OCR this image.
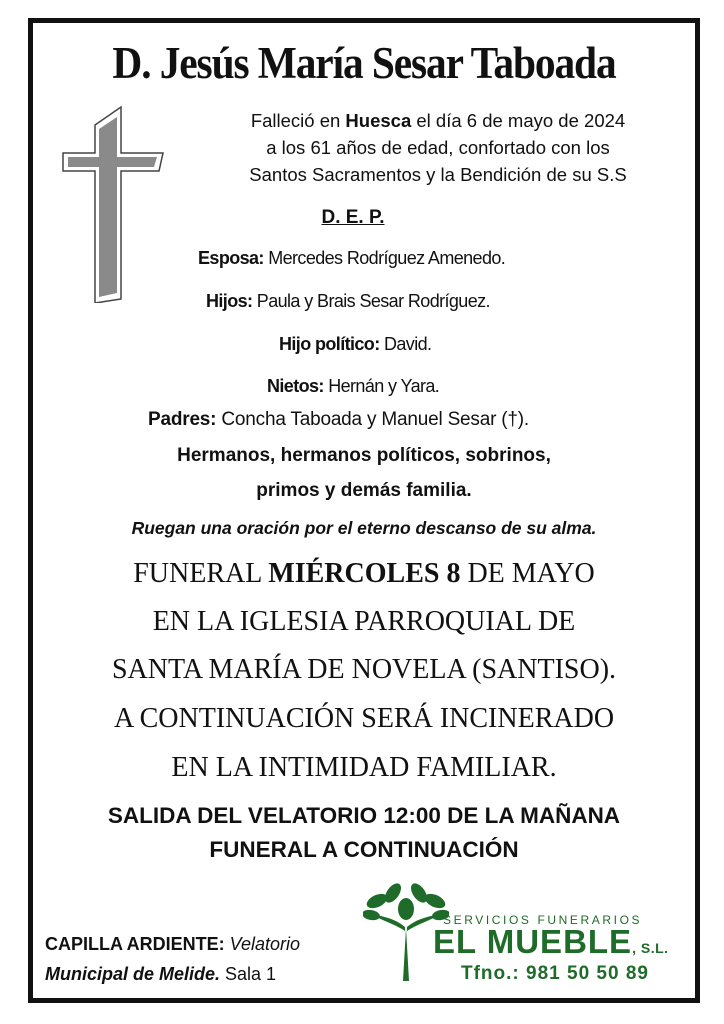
D. Jesús María Sesar Taboada
Falleció en Huesca el día 6 de mayo de 2024
a los 61 años de edad, confortado con los
Santos Sacramentos y la Bendición de su S.S
D. E. P.
Esposa: Mercedes Rodríguez Amenedo.
Hijos: Paula y Brais Sesar Rodríguez.
Hijo político: David.
Nietos: Hernán y Yara.
Padres: Concha Taboada y Manuel Sesar (†).
Hermanos, hermanos políticos, sobrinos,
primos y demás familia.
Ruegan una oración por el eterno descanso de su alma.
FUNERAL MIÉRCOLES 8 DE MAYO
EN LA IGLESIA PARROQUIAL DE
SANTA MARÍA DE NOVELA (SANTISO).
A CONTINUACIÓN SERÁ INCINERADO
EN LA INTIMIDAD FAMILIAR.
SALIDA DEL VELATORIO 12:00 DE LA MAÑANA
FUNERAL A CONTINUACIÓN
CAPILLA ARDIENTE: Velatorio
Municipal de Melide. Sala 1
SERVICIOS FUNERARIOS
EL MUEBLE, S.L.
Tfno.: 981 50 50 89
